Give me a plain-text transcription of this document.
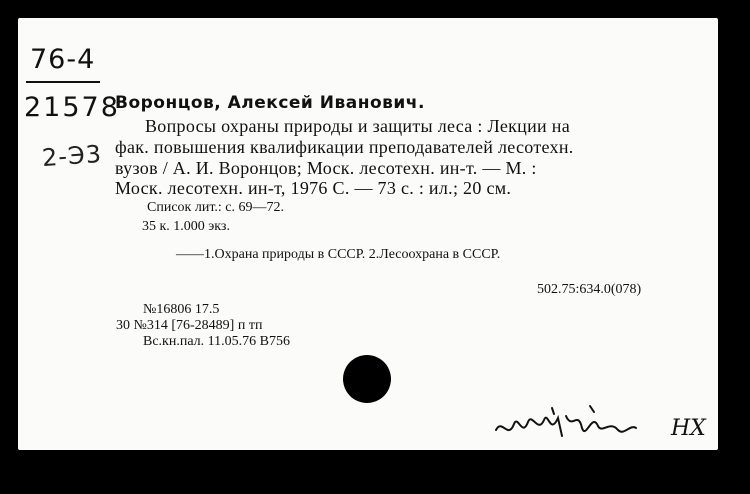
76-4
21578
2-Э3
Воронцов, Алексей Иванович.
Вопросы охраны природы и защиты леса : Лекции на
фак. повышения квалификации преподавателей лесотехн.
вузов / А. И. Воронцов; Моск. лесотехн. ин-т. — М. :
Моск. лесотехн. ин-т, 1976 С. — 73 с. : ил.; 20 см.
Список лит.: с. 69—72.
35 к. 1.000 экз.
——1.Охрана природы в СССР. 2.Лесоохрана в СССР.
502.75:634.0(078)
№16806 17.5
30 №314 [76-28489] п тп
Вс.кн.пал. 11.05.76 В756
НХ
